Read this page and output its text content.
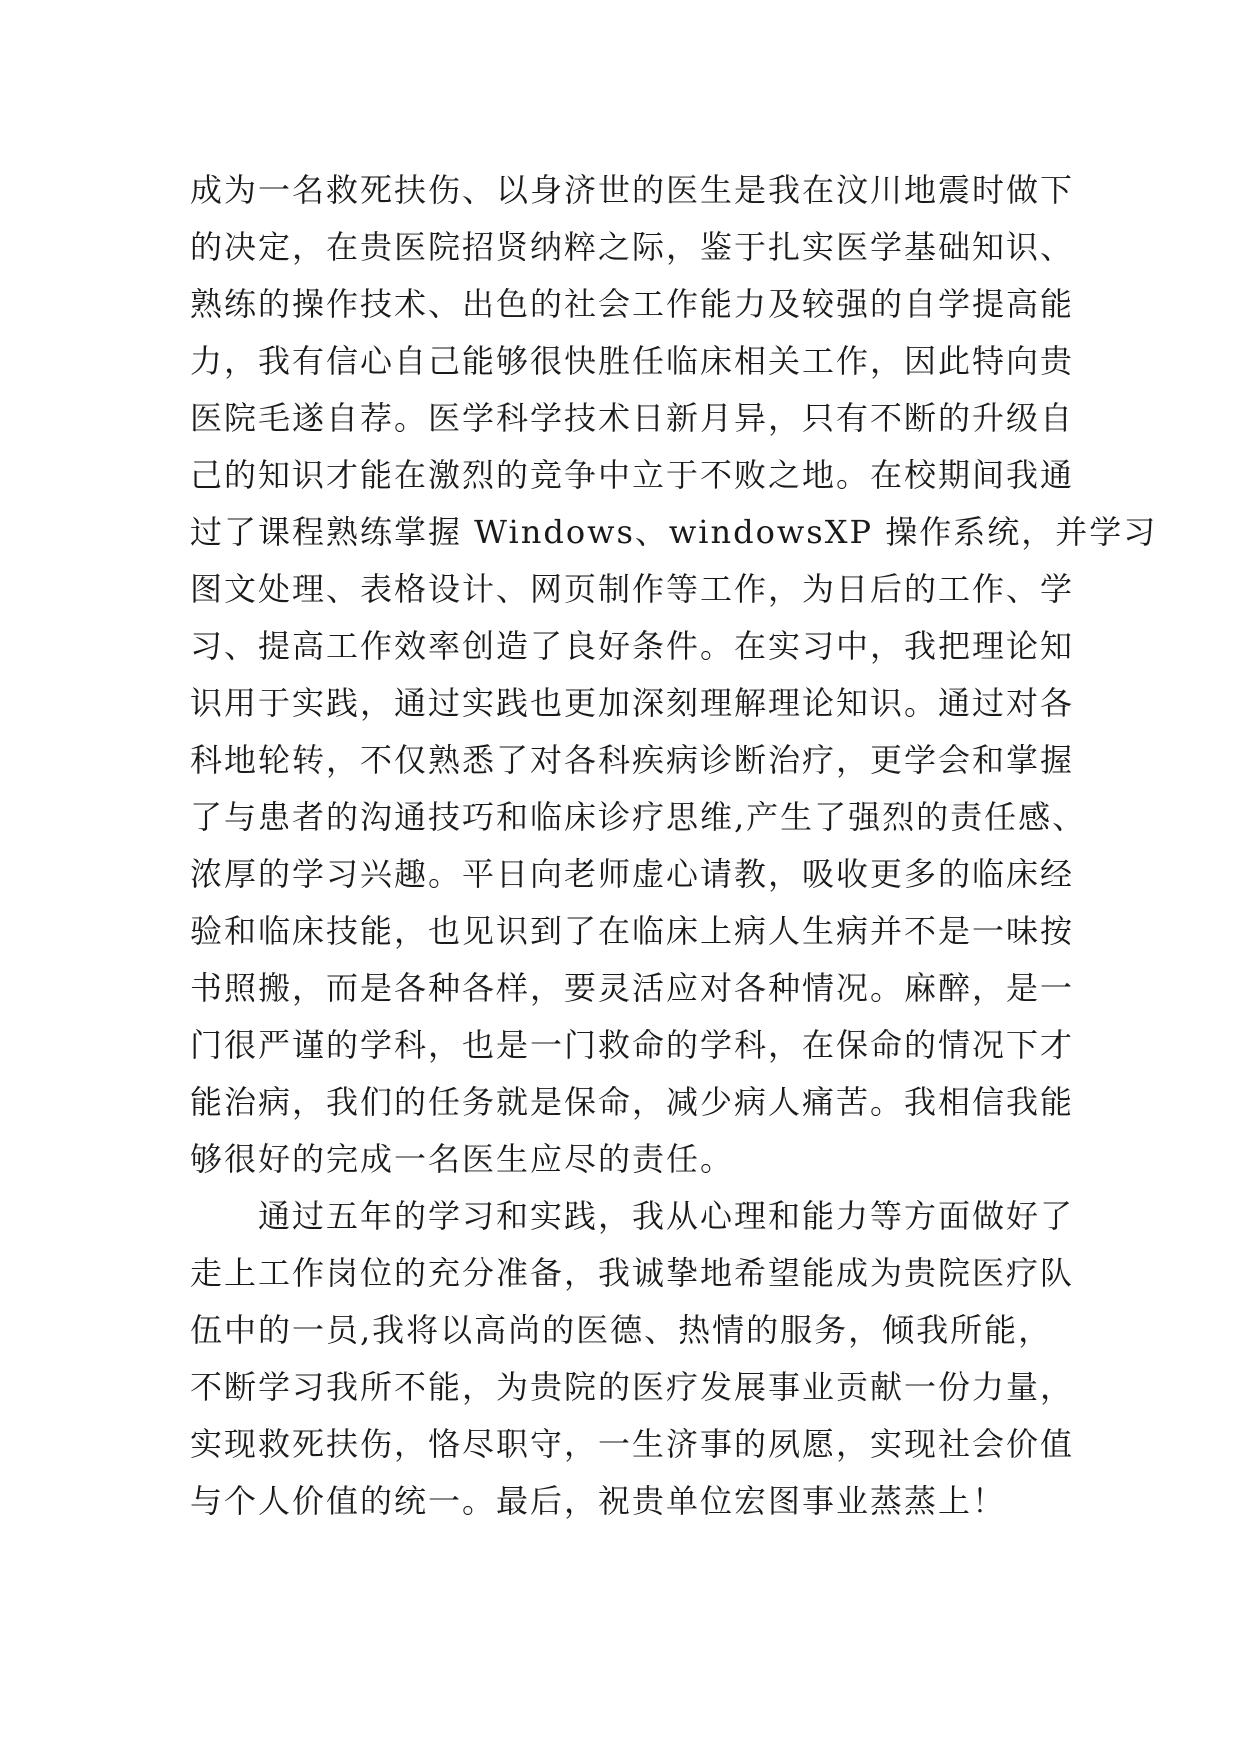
成为一名救死扶伤、以身济世的医生是我在汶川地震时做下
的决定，在贵医院招贤纳粹之际，鉴于扎实医学基础知识、
熟练的操作技术、出色的社会工作能力及较强的自学提高能
力，我有信心自己能够很快胜任临床相关工作，因此特向贵
医院毛遂自荐。医学科学技术日新月异，只有不断的升级自
己的知识才能在激烈的竞争中立于不败之地。在校期间我通
过了课程熟练掌握 Windows、windowsXP 操作系统，并学习
图文处理、表格设计、网页制作等工作，为日后的工作、学
习、提高工作效率创造了良好条件。在实习中，我把理论知
识用于实践，通过实践也更加深刻理解理论知识。通过对各
科地轮转，不仅熟悉了对各科疾病诊断治疗，更学会和掌握
了与患者的沟通技巧和临床诊疗思维,产生了强烈的责任感、
浓厚的学习兴趣。平日向老师虚心请教，吸收更多的临床经
验和临床技能，也见识到了在临床上病人生病并不是一味按
书照搬，而是各种各样，要灵活应对各种情况。麻醉，是一
门很严谨的学科，也是一门救命的学科，在保命的情况下才
能治病，我们的任务就是保命，减少病人痛苦。我相信我能
够很好的完成一名医生应尽的责任。
通过五年的学习和实践，我从心理和能力等方面做好了
走上工作岗位的充分准备，我诚挚地希望能成为贵院医疗队
伍中的一员,我将以高尚的医德、热情的服务，倾我所能，
不断学习我所不能，为贵院的医疗发展事业贡献一份力量，
实现救死扶伤，恪尽职守，一生济事的夙愿，实现社会价值
与个人价值的统一。最后，祝贵单位宏图事业蒸蒸上！
